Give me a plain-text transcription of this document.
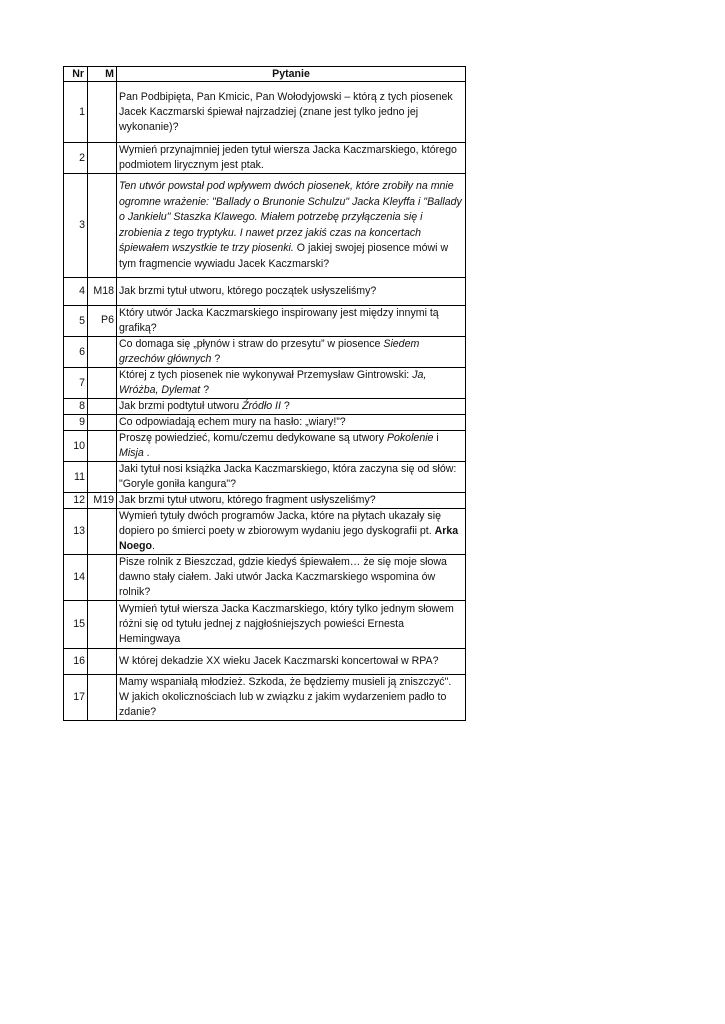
Nr	M	Pytanie
1		Pan Podbipięta, Pan Kmicic, Pan Wołodyjowski – którą z tych piosenek Jacek Kaczmarski śpiewał najrzadziej (znane jest tylko jedno jej wykonanie)?
2		Wymień przynajmniej jeden tytuł wiersza Jacka Kaczmarskiego, którego podmiotem lirycznym jest ptak.
3		Ten utwór powstał pod wpływem dwóch piosenek, które zrobiły na mnie ogromne wrażenie: "Ballady o Brunonie Schulzu" Jacka Kleyffa i "Ballady o Jankielu" Staszka Klawego. Miałem potrzebę przyłączenia się i zrobienia z tego tryptyku. I nawet przez jakiś czas na koncertach śpiewałem wszystkie te trzy piosenki. O jakiej swojej piosence mówi w tym fragmencie wywiadu Jacek Kaczmarski?
4	M18	Jak brzmi tytuł utworu, którego początek usłyszeliśmy?
5	P6	Który utwór Jacka Kaczmarskiego inspirowany jest między innymi tą grafiką?
6		Co domaga się „płynów i straw do przesytu” w piosence Siedem grzechów głównych ?
7		Której z tych piosenek nie wykonywał Przemysław Gintrowski: Ja, Wróżba, Dylemat ?
8		Jak brzmi podtytuł utworu Źródło II ?
9		Co odpowiadają echem mury na hasło: „wiary!”?
10		Proszę powiedzieć, komu/czemu dedykowane są utwory Pokolenie i Misja .
11		Jaki tytuł nosi książka Jacka Kaczmarskiego, która zaczyna się od słów: "Goryle goniła kangura"?
12	M19	Jak brzmi tytuł utworu, którego fragment usłyszeliśmy?
13		Wymień tytuły dwóch programów Jacka, które na płytach ukazały się dopiero po śmierci poety w zbiorowym wydaniu jego dyskografii pt. Arka Noego.
14		Pisze rolnik z Bieszczad, gdzie kiedyś śpiewałem… że się moje słowa dawno stały ciałem. Jaki utwór Jacka Kaczmarskiego wspomina ów rolnik?
15		Wymień tytuł wiersza Jacka Kaczmarskiego, który tylko jednym słowem różni się od tytułu jednej z najgłośniejszych powieści Ernesta Hemingwaya
16		W której dekadzie XX wieku Jacek Kaczmarski koncertował w RPA?
17		Mamy wspaniałą młodzież. Szkoda, że będziemy musieli ją zniszczyć". W jakich okolicznościach lub w związku z jakim wydarzeniem padło to zdanie?
